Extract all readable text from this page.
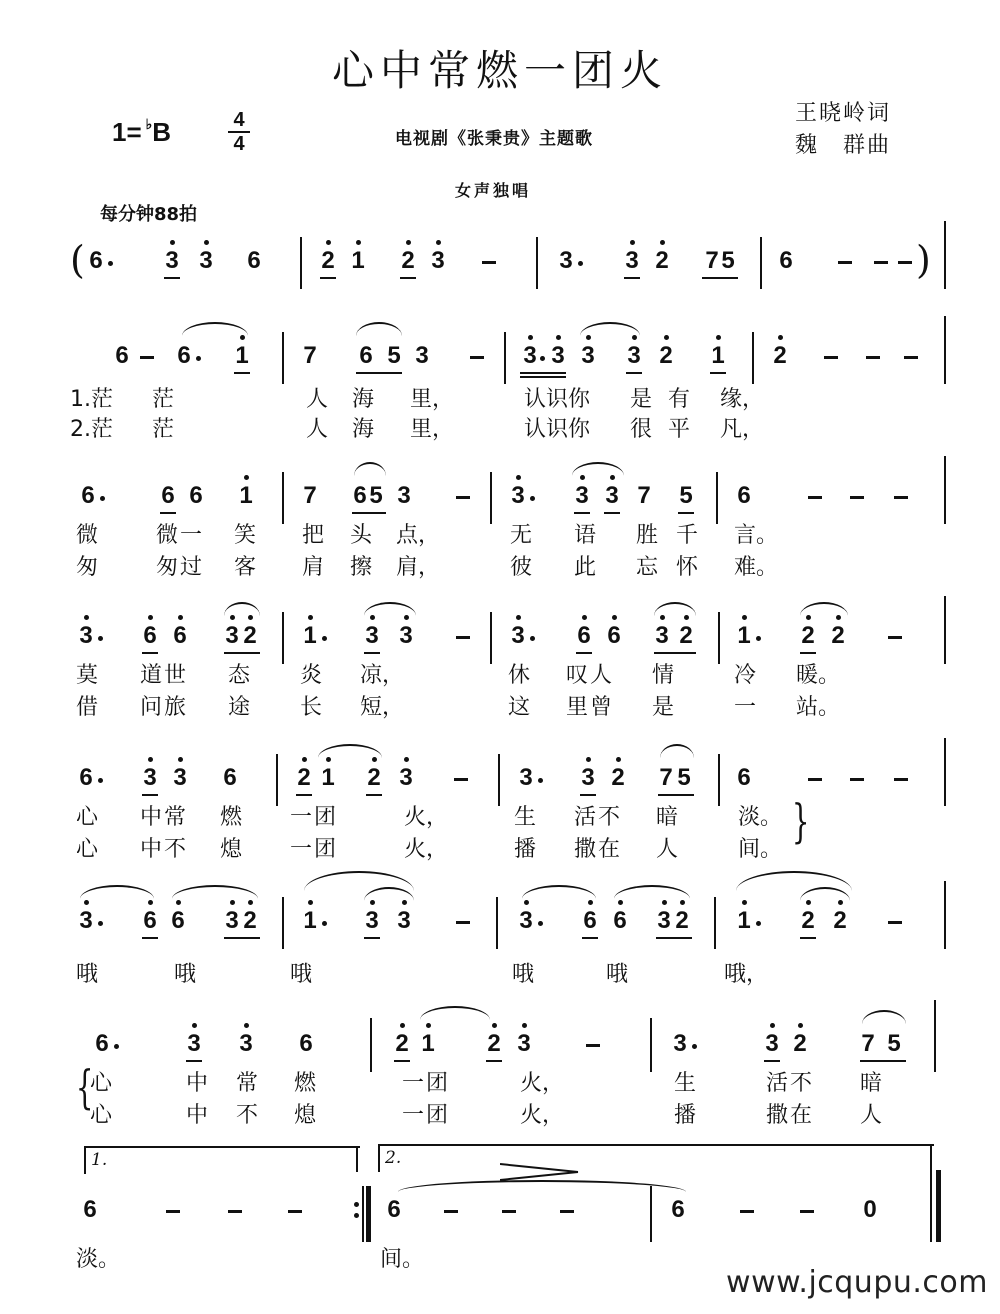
心中常燃一团火
1= ♭B	4
4	电视剧《张秉贵》主题歌
王晓岭词
魏　群曲
女声独唱
每分钟88拍
( 6	3 3 6	2 1 2 3	3 3 2 7 5 6	)
6 6 1 7 6 5 3	3 3 3 3 2 1 2
1.茫 茫	人 海 里，	认识你 是有 缘，
2.茫 茫	人 海 里，	认识你 很平 凡，
6	6 6 1 7 6 5 3	3 3 3 7 5 6
微	微一 笑 把 头 点，	无 语 胜 千 言。
匆	匆过 客 肩 擦 肩，	彼 此 忘 怀 难。
3 6 6 3 2 1 3 3	3 6 6 3 2 1 2 2
莫 道世 态 炎 凉，	休 叹人 情	冷 暖。
借 问旅 途 长 短，	这 里曾 是	一 站。
6 3 3 6	2 1 2 3	3 3 2 7 5 6
心 中常 燃 一团	火，	生 活不 暗	淡。
心 中不 熄 一团	火，	播 撒在 人	间。
}
3 6 6 3 2 1 3 3	3 6 6 3 2 1 2 2
哦	哦	哦	哦	哦	哦，
6	3 3 6	2 1 2 3	3	3 2 7 5
{
心	中 常 燃	一团	火，	生	活不 暗
心	中 不 熄	一团	火，	播	撒在 人
1.	2.
6	6	6	0
淡。	间。
www.jcqupu.com
